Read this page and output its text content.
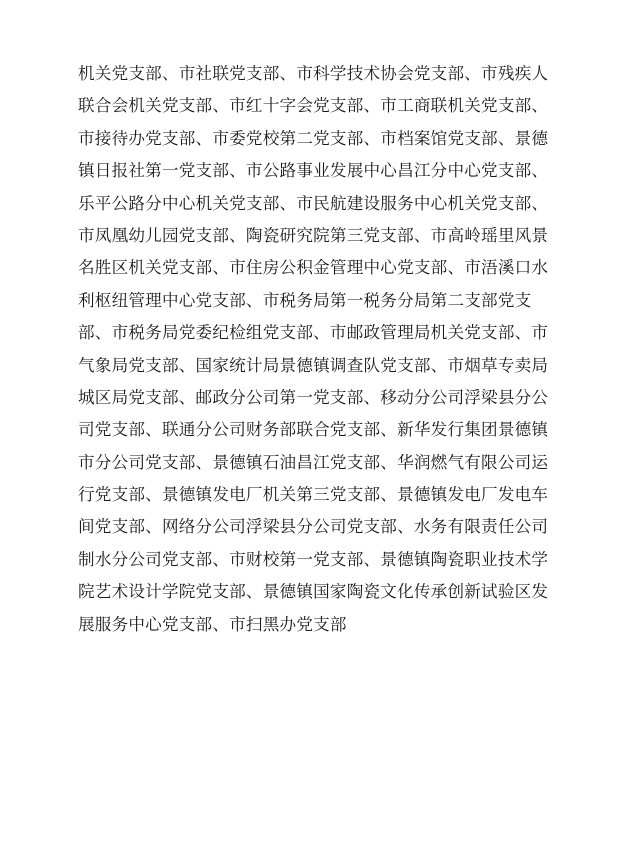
机关党支部、市社联党支部、市科学技术协会党支部、市残疾人
联合会机关党支部、市红十字会党支部、市工商联机关党支部、
市接待办党支部、市委党校第二党支部、市档案馆党支部、景德
镇日报社第一党支部、市公路事业发展中心昌江分中心党支部、
乐平公路分中心机关党支部、市民航建设服务中心机关党支部、
市凤凰幼儿园党支部、陶瓷研究院第三党支部、市高岭瑶里风景
名胜区机关党支部、市住房公积金管理中心党支部、市浯溪口水
利枢纽管理中心党支部、市税务局第一税务分局第二支部党支
部、市税务局党委纪检组党支部、市邮政管理局机关党支部、市
气象局党支部、国家统计局景德镇调查队党支部、市烟草专卖局
城区局党支部、邮政分公司第一党支部、移动分公司浮梁县分公
司党支部、联通分公司财务部联合党支部、新华发行集团景德镇
市分公司党支部、景德镇石油昌江党支部、华润燃气有限公司运
行党支部、景德镇发电厂机关第三党支部、景德镇发电厂发电车
间党支部、网络分公司浮梁县分公司党支部、水务有限责任公司
制水分公司党支部、市财校第一党支部、景德镇陶瓷职业技术学
院艺术设计学院党支部、景德镇国家陶瓷文化传承创新试验区发
展服务中心党支部、市扫黑办党支部
